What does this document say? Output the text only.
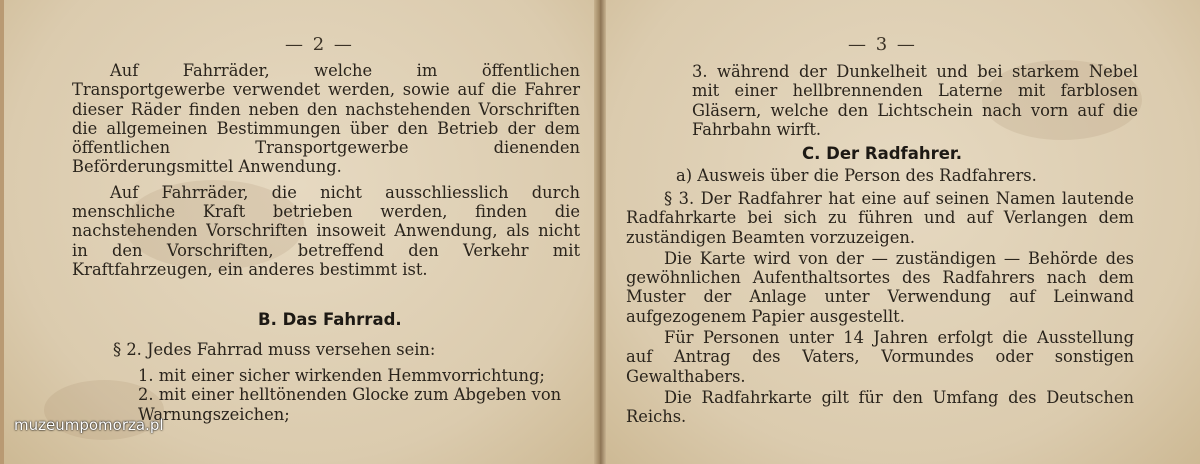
— 2 —

Auf Fahrräder, welche im öffentlichen Transportgewerbe verwendet werden, sowie auf die Fahrer dieser Räder finden neben den nachstehenden Vorschriften die allgemeinen Bestimmungen über den Betrieb der dem öffentlichen Transportgewerbe dienenden Beförderungsmittel Anwendung.

Auf Fahrräder, die nicht ausschliesslich durch menschliche Kraft betrieben werden, finden die nachstehenden Vorschriften insoweit Anwendung, als nicht in den Vorschriften, betreffend den Verkehr mit Kraftfahrzeugen, ein anderes bestimmt ist.

B. Das Fahrrad.
§ 2. Jedes Fahrrad muss versehen sein:
1. mit einer sicher wirkenden Hemmvorrichtung;
2. mit einer helltönenden Glocke zum Abgeben von Warnungszeichen;
— 3 —
3. während der Dunkelheit und bei starkem Nebel mit einer hellbrennenden Laterne mit farblosen Gläsern, welche den Lichtschein nach vorn auf die Fahrbahn wirft.
C. Der Radfahrer.
a) Ausweis über die Person des Radfahrers.

§ 3. Der Radfahrer hat eine auf seinen Namen lautende Radfahrkarte bei sich zu führen und auf Verlangen dem zuständigen Beamten vorzuzeigen.

Die Karte wird von der — zuständigen — Behörde des gewöhnlichen Aufenthaltsortes des Radfahrers nach dem Muster der Anlage unter Verwendung auf Leinwand aufgezogenem Papier ausgestellt.

Für Personen unter 14 Jahren erfolgt die Ausstellung auf Antrag des Vaters, Vormundes oder sonstigen Gewalthabers.

Die Radfahrkarte gilt für den Umfang des Deutschen Reichs.

muzeumpomorza.pl
